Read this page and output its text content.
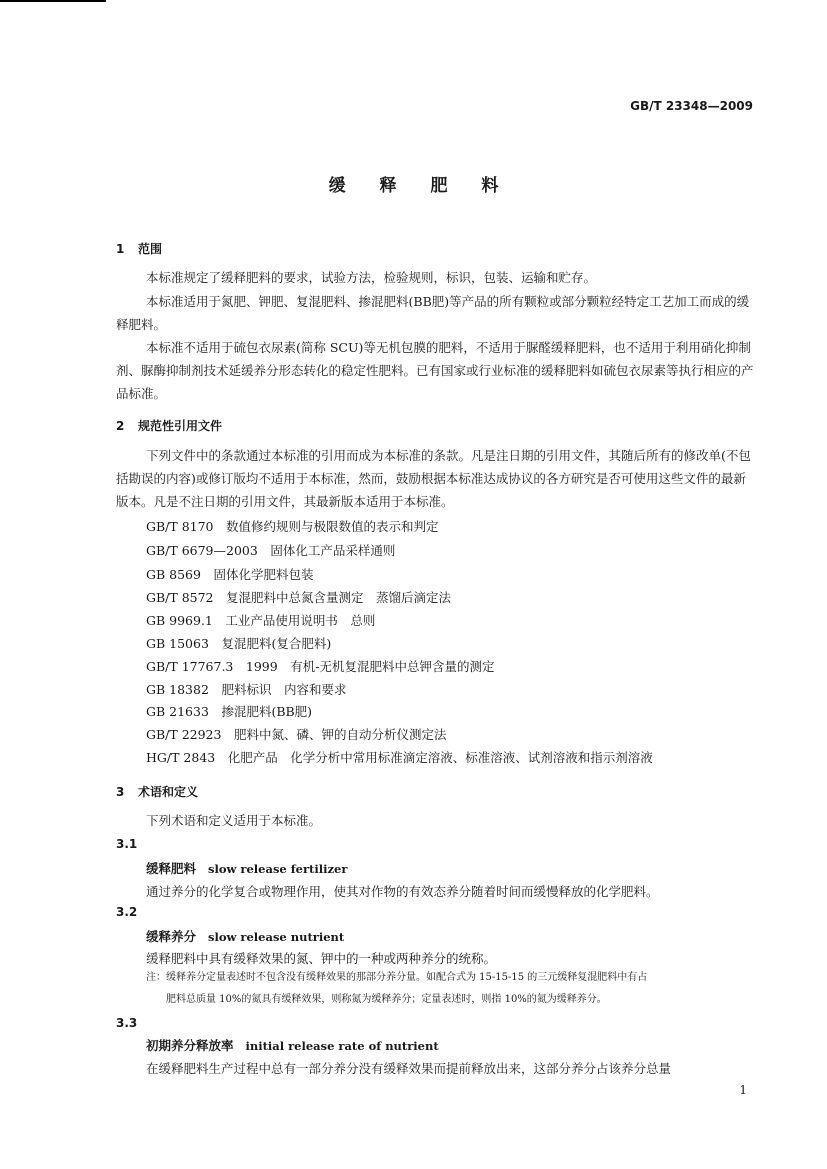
GB/T 23348—2009
缓 释 肥 料
1 范围
本标准规定了缓释肥料的要求，试验方法，检验规则，标识，包装、运输和贮存。
本标准适用于氮肥、钾肥、复混肥料、掺混肥料(BB肥)等产品的所有颗粒或部分颗粒经特定工艺加工而成的缓释肥料。
本标准不适用于硫包衣尿素(简称 SCU)等无机包膜的肥料，不适用于脲醛缓释肥料，也不适用于利用硝化抑制剂、脲酶抑制剂技术延缓养分形态转化的稳定性肥料。已有国家或行业标准的缓释肥料如硫包衣尿素等执行相应的产品标准。
2 规范性引用文件
下列文件中的条款通过本标准的引用而成为本标准的条款。凡是注日期的引用文件，其随后所有的修改单(不包括勘误的内容)或修订版均不适用于本标准，然而，鼓励根据本标准达成协议的各方研究是否可使用这些文件的最新版本。凡是不注日期的引用文件，其最新版本适用于本标准。
GB/T 8170　 数值修约规则与极限数值的表示和判定
GB/T 6679—2003　 固体化工产品采样通则
GB 8569　 固体化学肥料包装
GB/T 8572　 复混肥料中总氮含量测定　蒸馏后滴定法
GB 9969.1　 工业产品使用说明书　总则
GB 15063　 复混肥料(复合肥料)
GB/T 17767.3　1999　 有机-无机复混肥料中总钾含量的测定
GB 18382　 肥料标识　内容和要求
GB 21633　 掺混肥料(BB肥)
GB/T 22923　 肥料中氮、磷、钾的自动分析仪测定法
HG/T 2843　 化肥产品　化学分析中常用标准滴定溶液、标准溶液、试剂溶液和指示剂溶液
3 术语和定义
下列术语和定义适用于本标准。
3.1
缓释肥料 slow release fertilizer
通过养分的化学复合或物理作用，使其对作物的有效态养分随着时间而缓慢释放的化学肥料。
3.2
缓释养分 slow release nutrient
缓释肥料中具有缓释效果的氮、钾中的一种或两种养分的统称。
注：缓释养分定量表述时不包含没有缓释效果的那部分养分量。如配合式为 15-15-15 的三元缓释复混肥料中有占
肥料总质量 10%的氮具有缓释效果，则称氮为缓释养分；定量表述时，则指 10%的氮为缓释养分。
3.3
初期养分释放率 initial release rate of nutrient
在缓释肥料生产过程中总有一部分养分没有缓释效果而提前释放出来，这部分养分占该养分总量
1
